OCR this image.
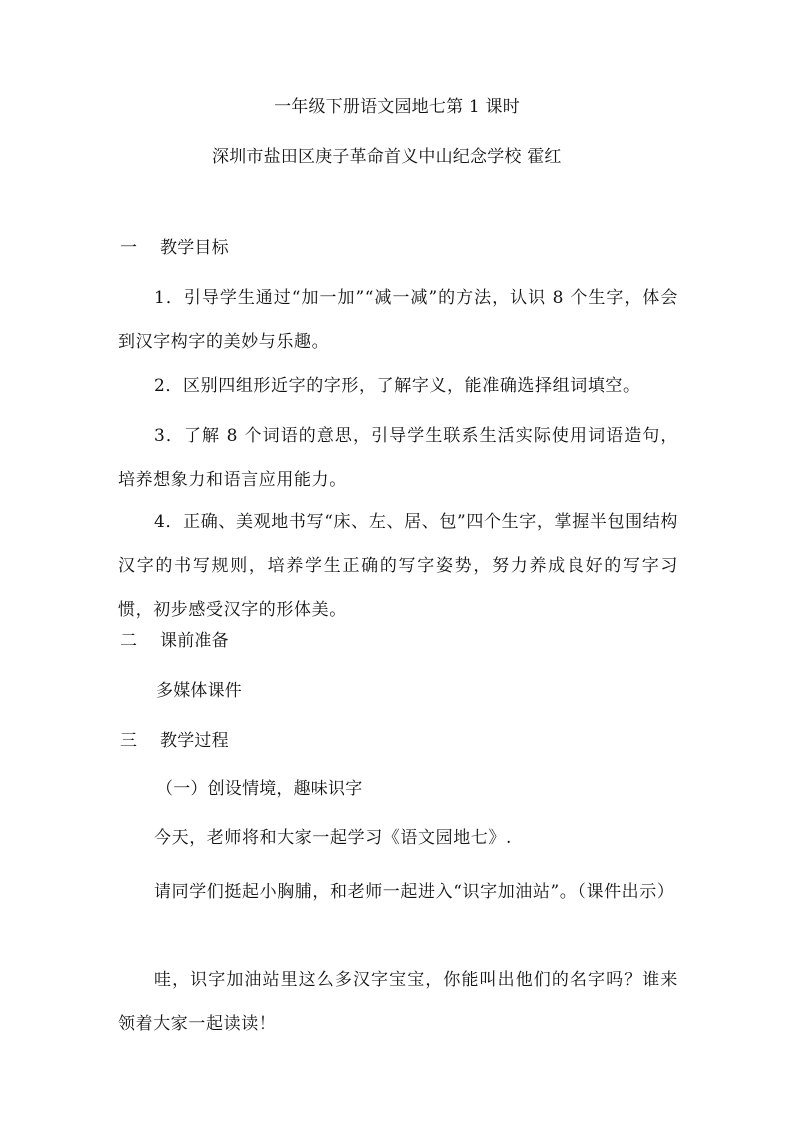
一年级下册语文园地七第 1 课时
深圳市盐田区庚子革命首义中山纪念学校 霍红
一 教学目标
1．引导学生通过“加一加”“减一减”的方法，认识 8 个生字，体会到汉字构字的美妙与乐趣。
2．区别四组形近字的字形，了解字义，能准确选择组词填空。
3．了解 8 个词语的意思，引导学生联系生活实际使用词语造句，培养想象力和语言应用能力。
4．正确、美观地书写“床、左、居、包”四个生字，掌握半包围结构汉字的书写规则，培养学生正确的写字姿势，努力养成良好的写字习惯，初步感受汉字的形体美。
二 课前准备
多媒体课件
三 教学过程
（一）创设情境，趣味识字
今天，老师将和大家一起学习《语文园地七》.
请同学们挺起小胸脯，和老师一起进入“识字加油站”。（课件出示）
哇，识字加油站里这么多汉字宝宝，你能叫出他们的名字吗？谁来领着大家一起读读！
